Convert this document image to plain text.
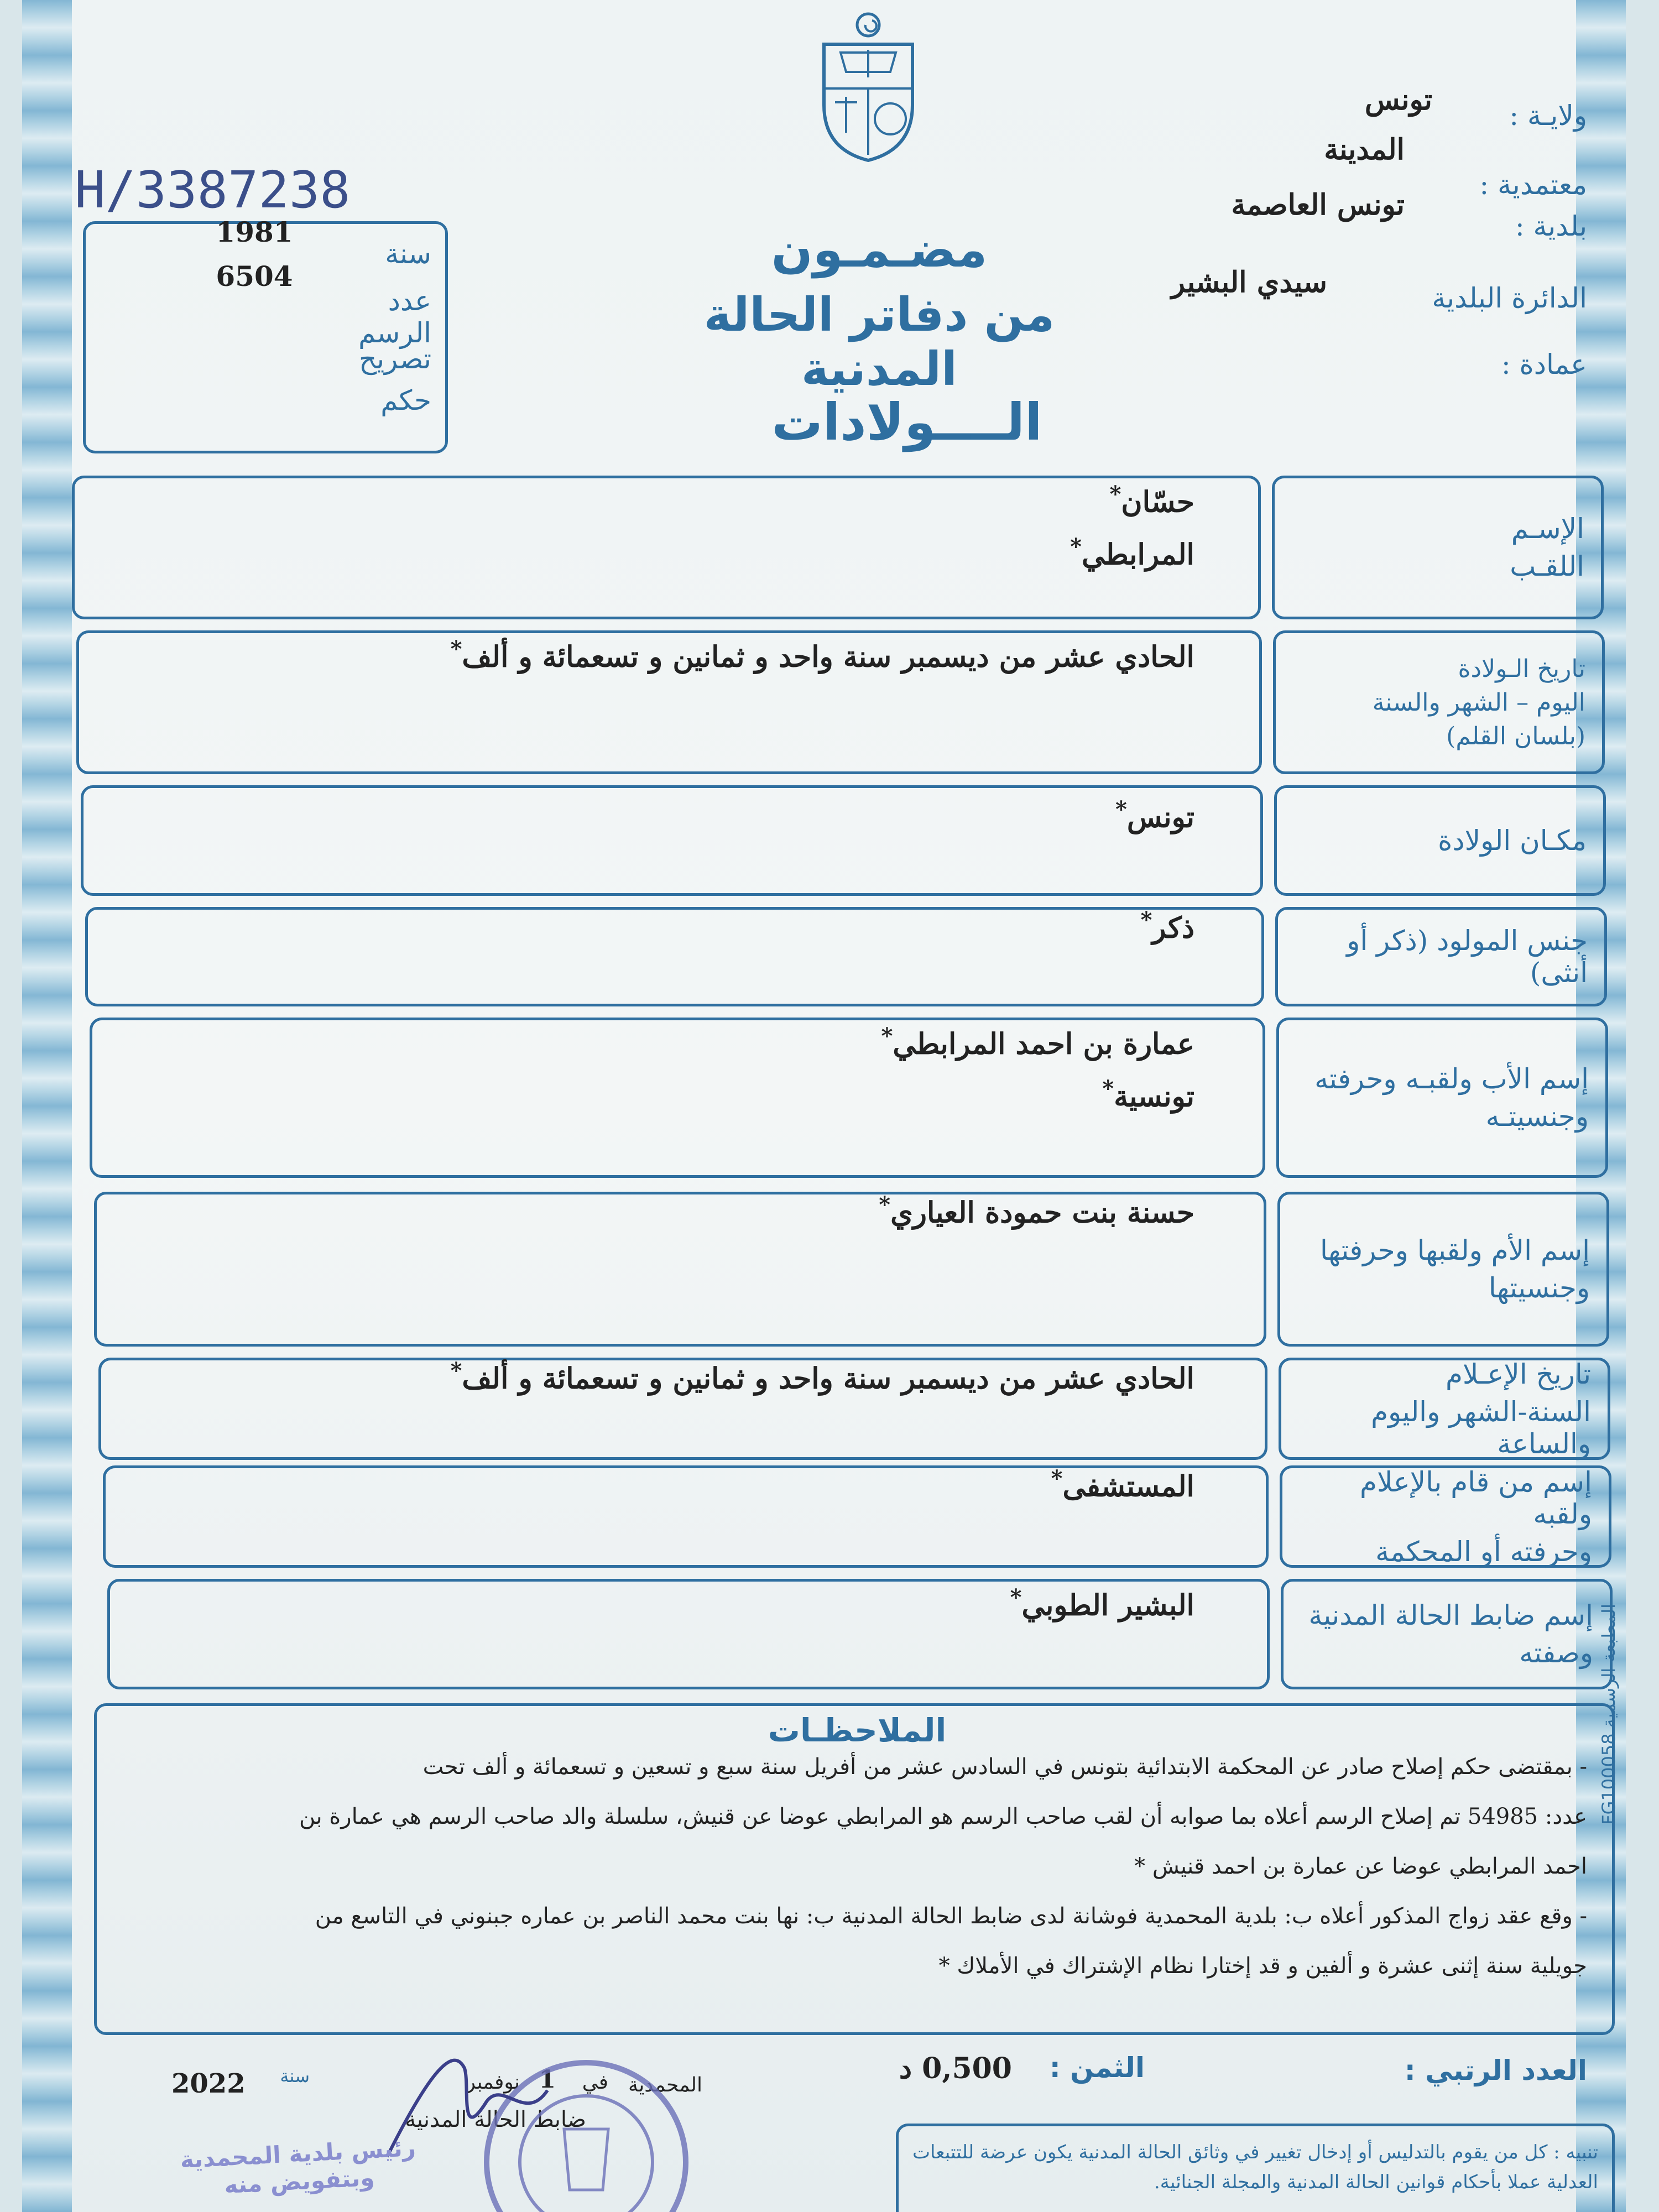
H/3387238
سنة
1981
عدد الرسم
6504
تصريح
حكم
ولايـة :
تونس
المدينة
معتمدية :
بلدية :
تونس العاصمة
الدائرة البلدية
سيدي البشير
عمادة :
مضـمـون
من دفاتر الحالة المدنية
الــــولادات
الإسـم
اللقـب
حسّان*
المرابطي*
تاريخ الـولادة
اليوم – الشهر والسنة
(بلسان القلم)
الحادي عشر من ديسمبر سنة واحد و ثمانين و تسعمائة و ألف*
مكـان الولادة
تونس*
جنس المولود (ذكر أو أنثى)
ذكر*
إسم الأب ولقبـه وحرفته
وجنسيتـه
عمارة بن احمد المرابطي*
تونسية*
إسم الأم ولقبها وحرفتها
وجنسيتها
حسنة بنت حمودة العياري*
تاريخ الإعـلام
السنة-الشهر واليوم والساعة
الحادي عشر من ديسمبر سنة واحد و ثمانين و تسعمائة و ألف*
إسم من قام بالإعلام ولقبه
وحرفته أو المحكمة
المستشفى*
إسم ضابط الحالة المدنية
وصفته
البشير الطوبي*
الملاحظـات
- بمقتضى حكم إصلاح صادر عن المحكمة الابتدائية بتونس في السادس عشر من أفريل سنة سبع و تسعين و تسعمائة و ألف تحت
عدد: 54985 تم إصلاح الرسم أعلاه بما صوابه أن لقب صاحب الرسم هو المرابطي عوضا عن قنيش، سلسلة والد صاحب الرسم هي عمارة بن
احمد المرابطي عوضا عن عمارة بن احمد قنيش *
- وقع عقد زواج المذكور أعلاه ب: بلدية المحمدية فوشانة لدى ضابط الحالة المدنية ب: نها بنت محمد الناصر بن عماره جبنوني في التاسع من
جويلية سنة إثنى عشرة و ألفين و قد إختارا نظام الإشتراك في الأملاك *
المطبعة الرسمية FG100058
العدد الرتبي :
الثمن :
0,500 د
المحمدية
في
1
نوفمبر
سنة
2022
ضابط الحالة المدنية
رئيس بلدية المحمدية وبتفويض منه
تنبيه : كل من يقوم بالتدليس أو إدخال تغيير في وثائق الحالة المدنية يكون عرضة للتتبعات العدلية عملا بأحكام قوانين الحالة المدنية والمجلة الجنائية.
